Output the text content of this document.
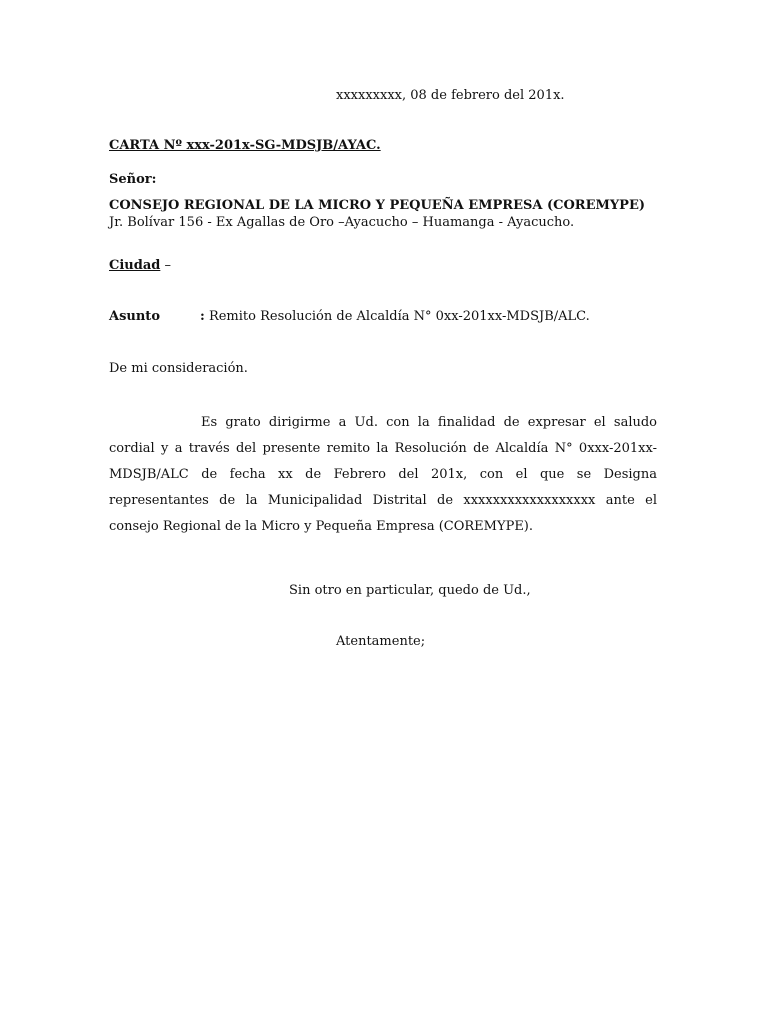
xxxxxxxxx, 08 de febrero del 201x.
CARTA Nº xxx-201x-SG-MDSJB/AYAC.
Señor:
CONSEJO REGIONAL DE LA MICRO Y PEQUEÑA EMPRESA (COREMYPE)
Jr. Bolívar 156 - Ex Agallas de Oro –Ayacucho – Huamanga - Ayacucho.
Ciudad –
Asunto	: Remito Resolución de Alcaldía N° 0xx-201xx-MDSJB/ALC.
De mi consideración.
Es grato dirigirme a Ud. con la finalidad de expresar el saludo cordial y a través del presente remito la Resolución de Alcaldía N° 0xxx-201xx-MDSJB/ALC de fecha xx de Febrero del 201x, con el que se Designa representantes de la Municipalidad Distrital de xxxxxxxxxxxxxxxxxx ante el consejo Regional de la Micro y Pequeña Empresa (COREMYPE).
Sin otro en particular, quedo de Ud.,
Atentamente;
